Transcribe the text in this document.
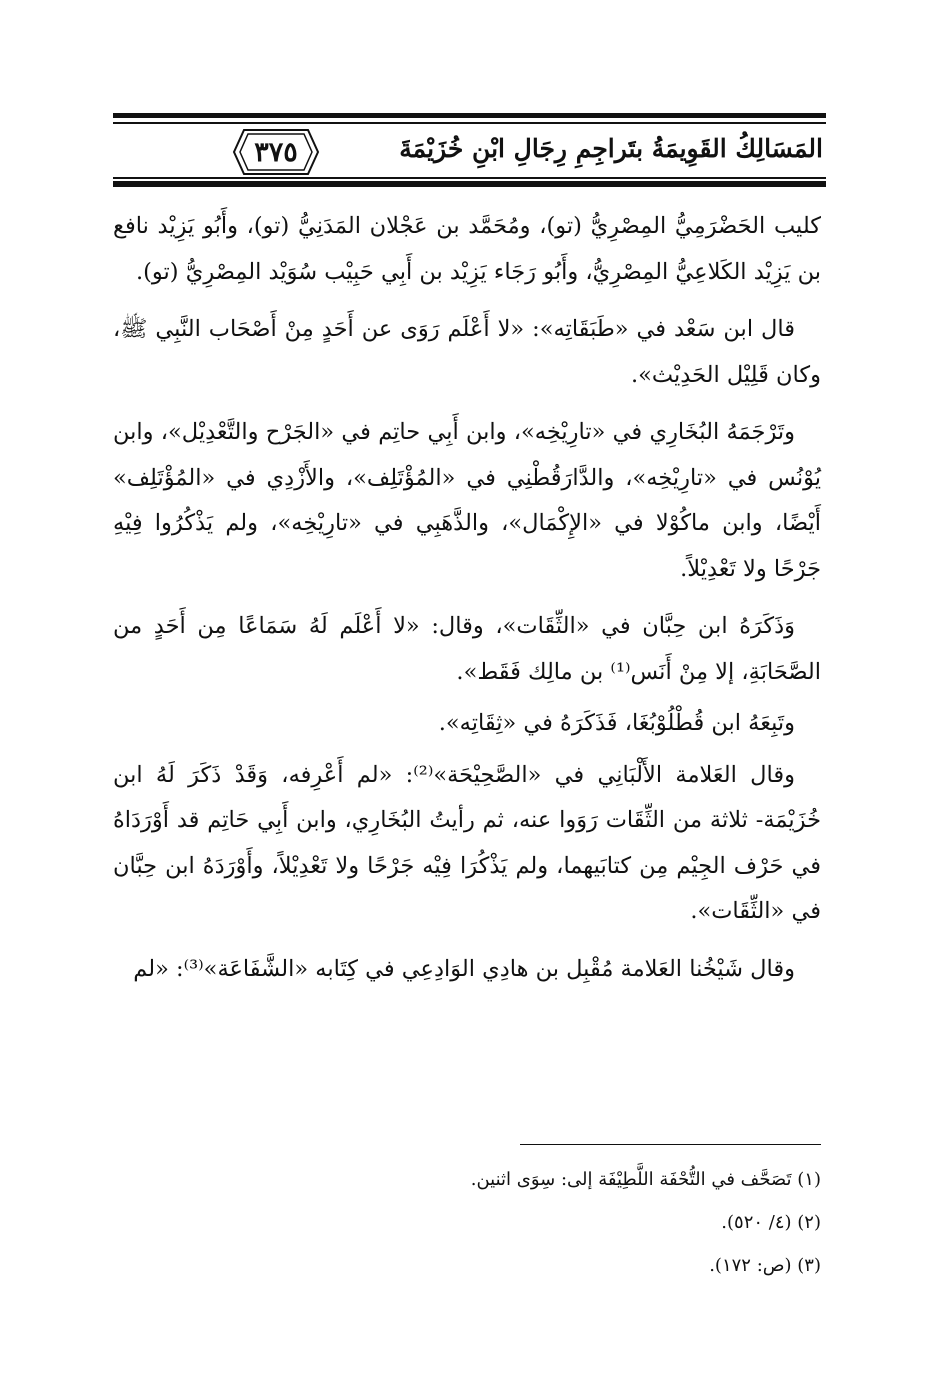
٣٧٥	المَسَالِكُ القَوِيمَةُ بتَراجِمِ رِجَالِ ابْنِ خُزَيْمَةَ

كليب الحَضْرَمِيُّ المِصْرِيُّ (تو)، ومُحَمَّد بن عَجْلان المَدَنِيُّ (تو)، وأَبُو يَزِيْد نافع بن يَزِيْد الكَلاعِيُّ المِصْرِيُّ، وأَبُو رَجَاء يَزِيْد بن أَبِي حَبِيْب سُوَيْد المِصْرِيُّ (تو).

قال ابن سَعْد في «طَبَقَاتِه»: «لا أَعْلَم رَوَى عن أَحَدٍ مِنْ أَصْحَاب النَّبِي ﷺ، وكان قَلِيْل الحَدِيْث».

وتَرْجَمَهُ البُخَارِي في «تارِيْخِه»، وابن أَبِي حاتِم في «الجَرْح والتَّعْدِيْل»، وابن يُوْنُس في «تارِيْخِه»، والدَّارَقُطْنِي في «المُؤْتَلِف»، والأَزْدِي في «المُؤْتَلِف» أَيْضًا، وابن ماكُوْلا في «الإِكْمَال»، والذَّهَبِي في «تارِيْخِه»، ولم يَذْكُرُوا فِيْهِ جَرْحًا ولا تَعْدِيْلاً.

وَذَكَرَهُ ابن حِبَّان في «الثِّقَات»، وقال: «لا أَعْلَم لَهُ سَمَاعًا مِن أَحَدٍ من الصَّحَابَةِ، إلا مِنْ أَنَس⁽¹⁾ بن مالِك فَقَط».

وتَبِعَهُ ابن قُطْلُوْبُغَا، فَذَكَرَهُ في «ثِقَاتِه».

وقال العَلامة الأَلْبَانِي في «الصَّحِيْحَة»⁽²⁾: «لم أَعْرِفه، وَقَدْ ذَكَرَ لَهُ ابن خُزَيْمَة- ثلاثة من الثِّقَات رَوَوا عنه، ثم رأيتُ البُخَارِي، وابن أَبِي حَاتِم قد أَوْرَدَاهُ في حَرْف الجِيْم مِن كتابَيهما، ولم يَذْكُرَا فِيْه جَرْحًا ولا تَعْدِيْلاً، وأَوْرَدَهُ ابن حِبَّان في «الثِّقَات».

وقال شَيْخُنا العَلامة مُقْبِل بن هادِي الوَادِعِي في كِتَابه «الشَّفَاعَة»⁽³⁾: «لم

(١) تَصَحَّف في التُّحْفَة اللَّطِيْفَة إلى: سِوَى اثنين.

(٢) (٤/ ٥٢٠).

(٣) (ص: ١٧٢).
